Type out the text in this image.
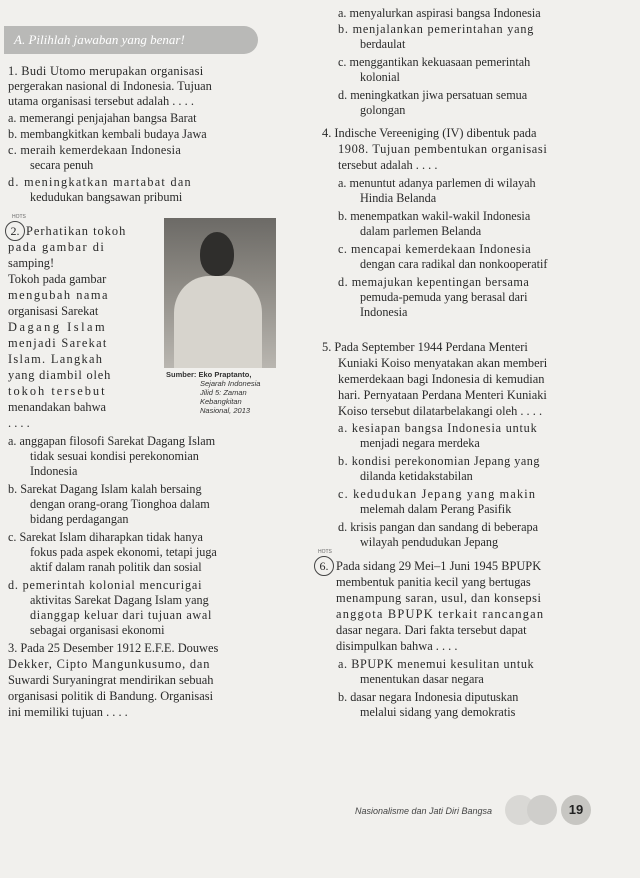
A. Pilihlah jawaban yang benar!
1. Budi Utomo merupakan organisasi
pergerakan nasional di Indonesia. Tujuan
utama organisasi tersebut adalah . . . .
a. memerangi penjajahan bangsa Barat
b. membangkitkan kembali budaya Jawa
c. meraih kemerdekaan Indonesia
secara penuh
d. meningkatkan martabat dan
kedudukan bangsawan pribumi
HOTS
2. Perhatikan tokoh
pada gambar di
samping!
Tokoh pada gambar
mengubah nama
organisasi Sarekat
Dagang Islam
menjadi Sarekat
Islam. Langkah
yang diambil oleh
tokoh tersebut
menandakan bahwa
. . . .
Sumber: Eko Praptanto,
Sejarah Indonesia
Jilid 5: Zaman
Kebangkitan
Nasional, 2013
a. anggapan filosofi Sarekat Dagang Islam
tidak sesuai kondisi perekonomian
Indonesia
b. Sarekat Dagang Islam kalah bersaing
dengan orang-orang Tionghoa dalam
bidang perdagangan
c. Sarekat Islam diharapkan tidak hanya
fokus pada aspek ekonomi, tetapi juga
aktif dalam ranah politik dan sosial
d. pemerintah kolonial mencurigai
aktivitas Sarekat Dagang Islam yang
dianggap keluar dari tujuan awal
sebagai organisasi ekonomi
3. Pada 25 Desember 1912 E.F.E. Douwes
Dekker, Cipto Mangunkusumo, dan
Suwardi Suryaningrat mendirikan sebuah
organisasi politik di Bandung. Organisasi
ini memiliki tujuan . . . .
a. menyalurkan aspirasi bangsa Indonesia
b. menjalankan pemerintahan yang
berdaulat
c. menggantikan kekuasaan pemerintah
kolonial
d. meningkatkan jiwa persatuan semua
golongan
4. Indische Vereeniging (IV) dibentuk pada
1908. Tujuan pembentukan organisasi
tersebut adalah . . . .
a. menuntut adanya parlemen di wilayah
Hindia Belanda
b. menempatkan wakil-wakil Indonesia
dalam parlemen Belanda
c. mencapai kemerdekaan Indonesia
dengan cara radikal dan nonkooperatif
d. memajukan kepentingan bersama
pemuda-pemuda yang berasal dari
Indonesia
5. Pada September 1944 Perdana Menteri
Kuniaki Koiso menyatakan akan memberi
kemerdekaan bagi Indonesia di kemudian
hari. Pernyataan Perdana Menteri Kuniaki
Koiso tersebut dilatarbelakangi oleh . . . .
a. kesiapan bangsa Indonesia untuk
menjadi negara merdeka
b. kondisi perekonomian Jepang yang
dilanda ketidakstabilan
c. kedudukan Jepang yang makin
melemah dalam Perang Pasifik
d. krisis pangan dan sandang di beberapa
wilayah pendudukan Jepang
HOTS
6. Pada sidang 29 Mei–1 Juni 1945 BPUPK
membentuk panitia kecil yang bertugas
menampung saran, usul, dan konsepsi
anggota BPUPK terkait rancangan
dasar negara. Dari fakta tersebut dapat
disimpulkan bahwa . . . .
a. BPUPK menemui kesulitan untuk
menentukan dasar negara
b. dasar negara Indonesia diputuskan
melalui sidang yang demokratis
Nasionalisme dan Jati Diri Bangsa	19
